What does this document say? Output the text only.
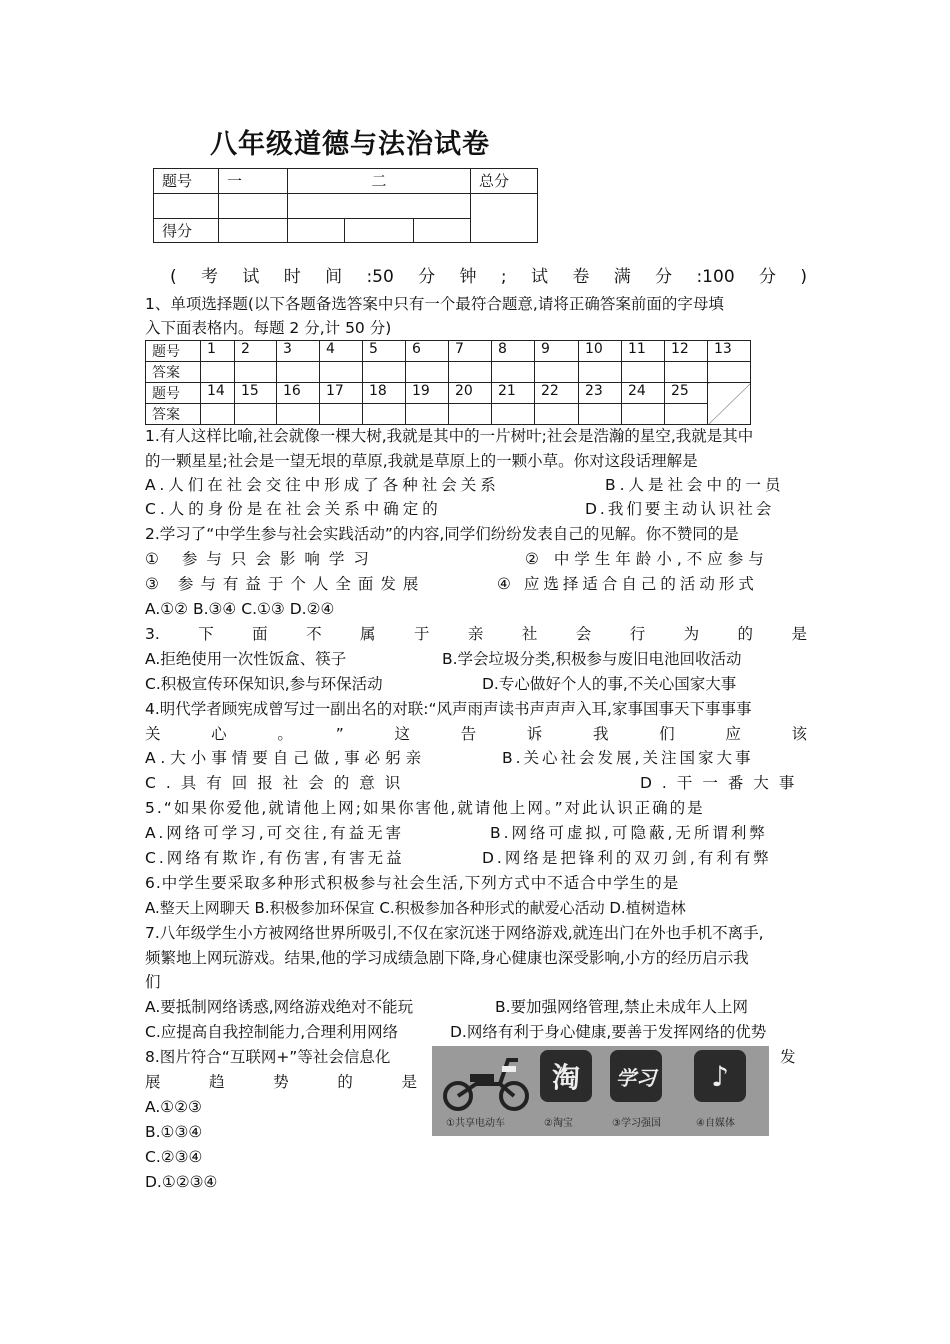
八年级道德与法治试卷
题号	一	二			总分

得分					
(考试时间:50分钟;试卷满分:100分)
1、单项选择题(以下各题备选答案中只有一个最符合题意,请将正确答案前面的字母填
入下面表格内。每题 2 分,计 50 分)
题号	1	2	3	4	5	6	7	8	9	10	11	12	13
答案													
题号	14	15	16	17	18	19	20	21	22	23	24	25	
答案													
1.有人这样比喻,社会就像一棵大树,我就是其中的一片树叶;社会是浩瀚的星空,我就是其中
的一颗星星;社会是一望无垠的草原,我就是草原上的一颗小草。你对这段话理解是
A.人们在社会交往中形成了各种社会关系	B.人是社会中的一员
C.人的身份是在社会关系中确定的	D.我们要主动认识社会
2.学习了“中学生参与社会实践活动”的内容,同学们纷纷发表自己的见解。你不赞同的是
① 参与只会影响学习	② 中学生年龄小,不应参与
③ 参与有益于个人全面发展	④ 应选择适合自己的活动形式
A.①② B.③④ C.①③ D.②④
3.下面不属于亲社会行为的是
A.拒绝使用一次性饭盒、筷子	B.学会垃圾分类,积极参与废旧电池回收活动
C.积极宣传环保知识,参与环保活动	D.专心做好个人的事,不关心国家大事
4.明代学者顾宪成曾写过一副出名的对联:“风声雨声读书声声声入耳,家事国事天下事事事
关心。”这告诉我们应该
A.大小事情要自己做,事必躬亲	B.关心社会发展,关注国家大事
C.具有回报社会的意识	D.干一番大事
5.“如果你爱他,就请他上网;如果你害他,就请他上网。”对此认识正确的是
A.网络可学习,可交往,有益无害	B.网络可虚拟,可隐蔽,无所谓利弊
C.网络有欺诈,有伤害,有害无益	D.网络是把锋利的双刃剑,有利有弊
6.中学生要采取多种形式积极参与社会生活,下列方式中不适合中学生的是
A.整天上网聊天 B.积极参加环保宣 C.积极参加各种形式的献爱心活动 D.植树造林
7.八年级学生小方被网络世界所吸引,不仅在家沉迷于网络游戏,就连出门在外也手机不离手,
频繁地上网玩游戏。结果,他的学习成绩急剧下降,身心健康也深受影响,小方的经历启示我
们
A.要抵制网络诱惑,网络游戏绝对不能玩	B.要加强网络管理,禁止未成年人上网
C.应提高自我控制能力,合理利用网络	D.网络有利于身心健康,要善于发挥网络的优势
8.图片符合“互联网+”等社会信息化	发
展趋势的是
A.①②③
B.①③④
C.②③④
D.①②③④
淘	学习	♪
①共享电动车	②淘宝	③学习强国	④自媒体
